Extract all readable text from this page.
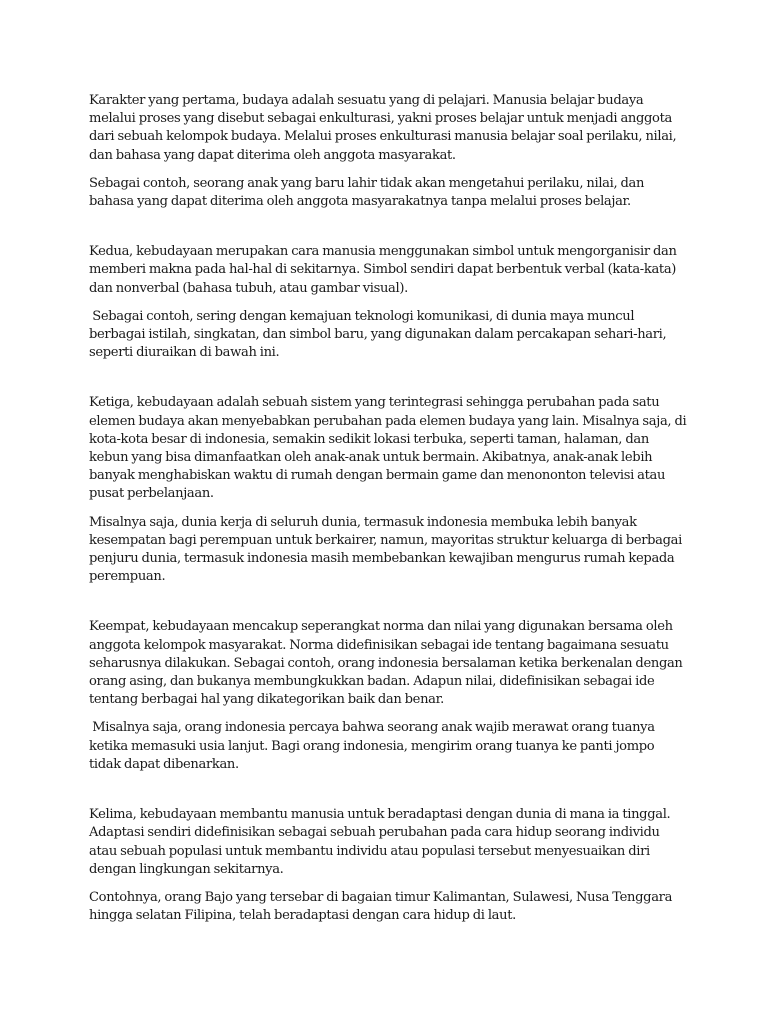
Karakter yang pertama, budaya adalah sesuatu yang di pelajari. Manusia belajar budaya melalui proses yang disebut sebagai enkulturasi, yakni proses belajar untuk menjadi anggota dari sebuah kelompok budaya. Melalui proses enkulturasi manusia belajar soal perilaku, nilai, dan bahasa yang dapat diterima oleh anggota masyarakat.

Sebagai contoh, seorang anak yang baru lahir tidak akan mengetahui perilaku, nilai, dan bahasa yang dapat diterima oleh anggota masyarakatnya tanpa melalui proses belajar.

Kedua, kebudayaan merupakan cara manusia menggunakan simbol untuk mengorganisir dan memberi makna pada hal-hal di sekitarnya. Simbol sendiri dapat berbentuk verbal (kata-kata) dan nonverbal (bahasa tubuh, atau gambar visual).

Sebagai contoh, sering dengan kemajuan teknologi komunikasi, di dunia maya muncul berbagai istilah, singkatan, dan simbol baru, yang digunakan dalam percakapan sehari-hari, seperti diuraikan di bawah ini.

Ketiga, kebudayaan adalah sebuah sistem yang terintegrasi sehingga perubahan pada satu elemen budaya akan menyebabkan perubahan pada elemen budaya yang lain. Misalnya saja, di kota-kota besar di indonesia, semakin sedikit lokasi terbuka, seperti taman, halaman, dan kebun yang bisa dimanfaatkan oleh anak-anak untuk bermain. Akibatnya, anak-anak lebih banyak menghabiskan waktu di rumah dengan bermain game dan menononton televisi atau pusat perbelanjaan.

Misalnya saja, dunia kerja di seluruh dunia, termasuk indonesia membuka lebih banyak kesempatan bagi perempuan untuk berkairer, namun, mayoritas struktur keluarga di berbagai penjuru dunia, termasuk indonesia masih membebankan kewajiban mengurus rumah kepada perempuan.

Keempat, kebudayaan mencakup seperangkat norma dan nilai yang digunakan bersama oleh anggota kelompok masyarakat. Norma didefinisikan sebagai ide tentang bagaimana sesuatu seharusnya dilakukan. Sebagai contoh, orang indonesia bersalaman ketika berkenalan dengan orang asing, dan bukanya membungkukkan badan. Adapun nilai, didefinisikan sebagai ide tentang berbagai hal yang dikategorikan baik dan benar.

Misalnya saja, orang indonesia percaya bahwa seorang anak wajib merawat orang tuanya ketika memasuki usia lanjut. Bagi orang indonesia, mengirim orang tuanya ke panti jompo tidak dapat dibenarkan.

Kelima, kebudayaan membantu manusia untuk beradaptasi dengan dunia di mana ia tinggal. Adaptasi sendiri didefinisikan sebagai sebuah perubahan pada cara hidup seorang individu atau sebuah populasi untuk membantu individu atau populasi tersebut menyesuaikan diri dengan lingkungan sekitarnya.

Contohnya, orang Bajo yang tersebar di bagaian timur Kalimantan, Sulawesi, Nusa Tenggara hingga selatan Filipina, telah beradaptasi dengan cara hidup di laut.
